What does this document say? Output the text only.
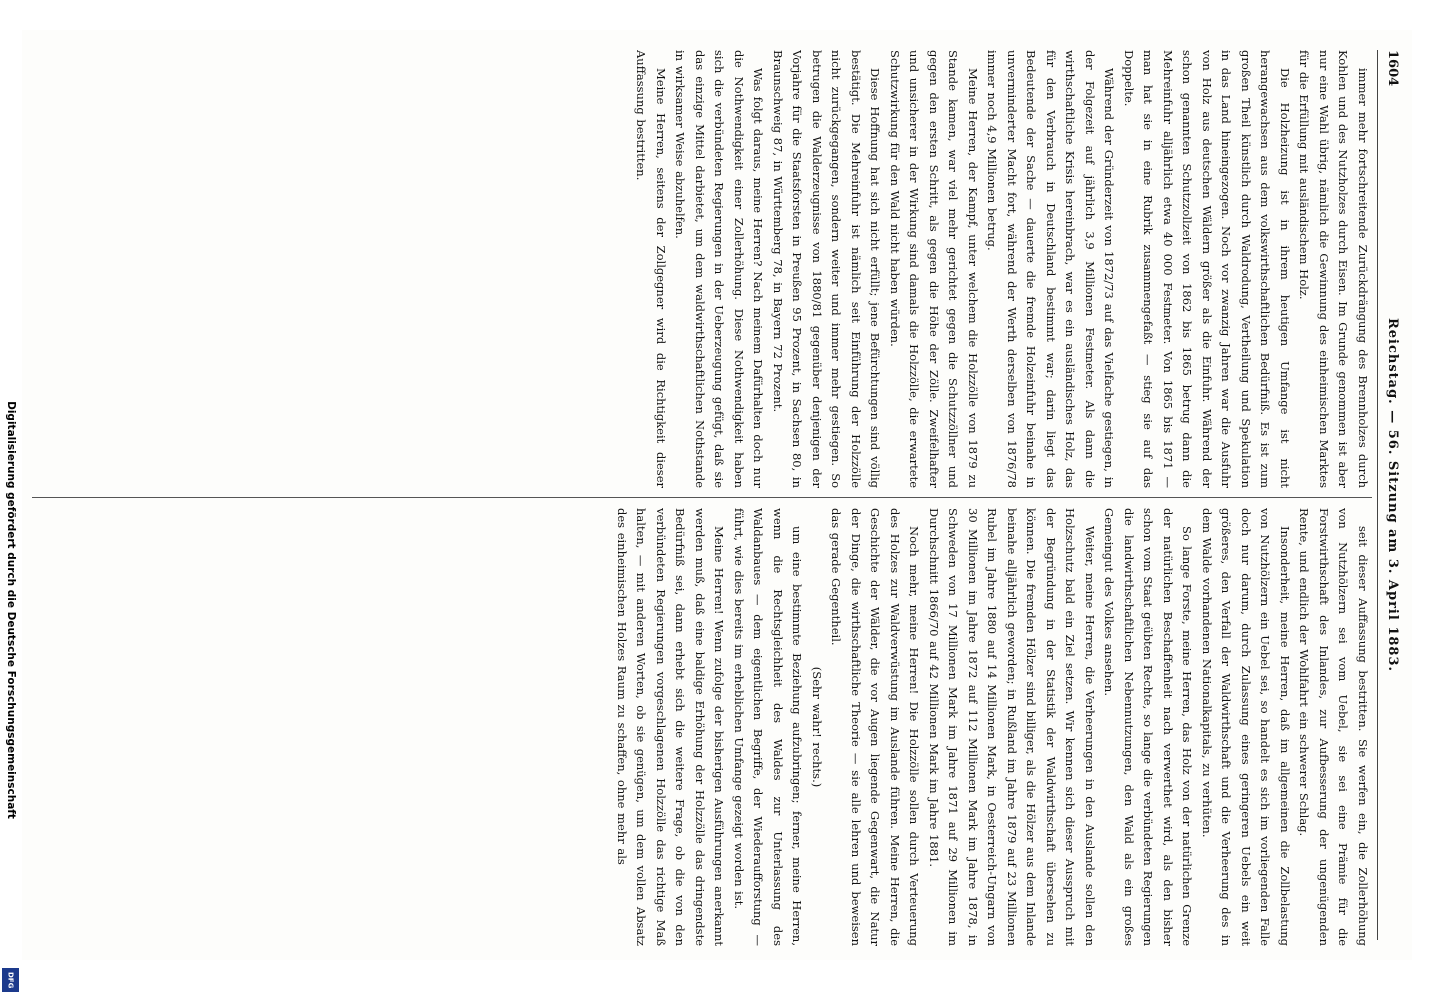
Digitalisierung gefördert durch die Deutsche Forschungsgemeinschaft
DFG
1604
Reichstag. — 56. Sitzung am 3. April 1883.

immer mehr fortschreitende Zurückdrängung des Brennholzes durch Kohlen und des Nutzholzes durch Eisen. Im Grunde genommen ist aber nur eine Wahl übrig, nämlich die Gewinnung des einheimischen Marktes für die Erfüllung mit ausländischem Holz.

Die Holzheizung ist in ihrem heutigen Umfange ist nicht herangewachsen aus dem volkswirthschaftlichen Bedürfniß. Es ist zum großen Theil künstlich durch Waldrodung, Vertheilung und Spekulation in das Land hineingezogen. Noch vor zwanzig Jahren war die Ausfuhr von Holz aus deutschen Wäldern größer als die Einfuhr. Während der schon genannten Schutzzollzeit von 1862 bis 1865 betrug dann die Mehreinfuhr alljährlich etwa 40 000 Festmeter. Von 1865 bis 1871 — man hat sie in eine Rubrik zusammengefaßt — stieg sie auf das Doppelte.

Während der Gründerzeit von 1872/73 auf das Vielfache gestiegen, in der Folgezeit auf jährlich 3,9 Millionen Festmeter. Als dann die wirthschaftliche Krisis hereinbrach, war es ein ausländisches Holz, das für den Verbrauch in Deutschland bestimmt war; darin liegt das Bedeutende der Sache — dauerte die fremde Holzeinfuhr beinahe in unverminderter Macht fort, während der Werth derselben von 1876/78 immer noch 4,9 Millionen betrug.

Meine Herren, der Kampf, unter welchem die Holzzölle von 1879 zu Stande kamen, war viel mehr gerichtet gegen die Schutzzöllner und gegen den ersten Schritt, als gegen die Höhe der Zölle. Zweifelhafter und unsicherer in der Wirkung sind damals die Holzzölle, die erwartete Schutzwirkung für den Wald nicht haben würden.

Diese Hoffnung hat sich nicht erfüllt; jene Befürchtungen sind völlig bestätigt. Die Mehreinfuhr ist nämlich seit Einführung der Holzzölle nicht zurückgegangen, sondern weiter und immer mehr gestiegen. So betrugen die Walderzeugnisse von 1880/81 gegenüber denjenigen der Vorjahre für die Staatsforsten in Preußen 95 Prozent, in Sachsen 80, in Braunschweig 87, in Württemberg 78, in Bayern 72 Prozent.

Was folgt daraus, meine Herren? Nach meinem Dafürhalten doch nur die Nothwendigkeit einer Zollerhöhung. Diese Nothwendigkeit haben sich die verbündeten Regierungen in der Ueberzeugung gefügt, daß sie das einzige Mittel darbietet, um dem waldwirthschaftlichen Nothstande in wirksamer Weise abzuhelfen.

Meine Herren, seitens der Zollgegner wird die Richtigkeit dieser Auffassung bestritten.

seit dieser Auffassung bestritten. Sie werfen ein, die Zollerhöhung von Nutzhölzern sei vom Uebel, sie sei eine Prämie für die Forstwirthschaft des Inlandes, zur Aufbesserung der ungenügenden Rente, und endlich der Wohlfahrt ein schwerer Schlag.

Insonderheit, meine Herren, daß im allgemeinen die Zollbelastung von Nutzhölzern ein Uebel sei, so handelt es sich im vorliegenden Falle doch nur darum, durch Zulassung eines geringeren Uebels ein weit größeres, den Verfall der Waldwirthschaft und die Verheerung des in dem Walde vorhandenen Nationalkapitals, zu verhüten.

So lange Forste, meine Herren, das Holz von der natürlichen Grenze der natürlichen Beschaffenheit nach verwerthet wird, als den bisher schon vom Staat geübten Rechte, so lange die verbündeten Regierungen die landwirthschaftlichen Nebennutzungen, den Wald als ein großes Gemeingut des Volkes ansehen.

Weiter, meine Herren, die Verheerungen in den Auslande sollen den Holzschutz bald ein Ziel setzen. Wir kennen sich dieser Ausspruch mit der Begründung in der Statistik der Waldwirthschaft übersehen zu können. Die fremden Hölzer sind billiger, als die Hölzer aus dem Inlande beinahe alljährlich geworden; in Rußland im Jahre 1879 auf 23 Millionen Rubel im Jahre 1880 auf 14 Millionen Mark, in Oesterreich-Ungarn von 30 Millionen im Jahre 1872 auf 112 Millionen Mark im Jahre 1878, in Schweden von 17 Millionen Mark im Jahre 1871 auf 29 Millionen im Durchschnitt 1866/70 auf 42 Millionen Mark im Jahre 1881.

Noch mehr, meine Herren! Die Holzzölle sollen durch Verteuerung des Holzes zur Waldverwüstung im Auslande führen. Meine Herren, die Geschichte der Wälder, die vor Augen liegende Gegenwart, die Natur der Dinge, die wirthschaftliche Theorie — sie alle lehren und beweisen das gerade Gegentheil.

(Sehr wahr! rechts.)

um eine bestimmte Beziehung aufzubringen; ferner, meine Herren, wenn die Rechtsgleichheit des Waldes zur Unterlassung des Waldanbaues — dem eigentlichen Begriffe, der Wiederaufforstung — führt, wie dies bereits im erheblichen Umfange gezeigt worden ist.

Meine Herren! Wenn zufolge der bisherigen Ausführungen anerkannt werden muß, daß eine baldige Erhöhung der Holzzölle das dringendste Bedürfniß sei, dann erhebt sich die weitere Frage, ob die von den verbündeten Regierungen vorgeschlagenen Holzzölle das richtige Maß halten, — mit anderen Worten, ob sie genügen, um dem vollen Absatz des einheimischen Holzes Raum zu schaffen, ohne mehr als
